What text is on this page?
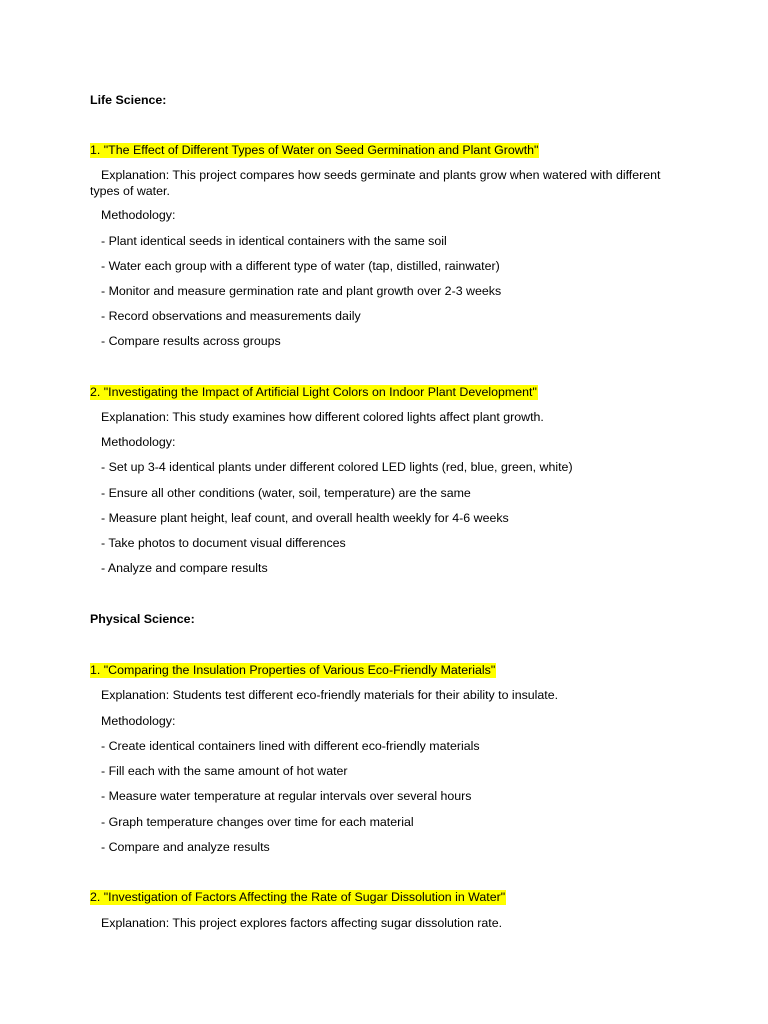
Life Science:
1. "The Effect of Different Types of Water on Seed Germination and Plant Growth"
Explanation: This project compares how seeds germinate and plants grow when watered with different types of water.
Methodology:
- Plant identical seeds in identical containers with the same soil
- Water each group with a different type of water (tap, distilled, rainwater)
- Monitor and measure germination rate and plant growth over 2-3 weeks
- Record observations and measurements daily
- Compare results across groups
2. "Investigating the Impact of Artificial Light Colors on Indoor Plant Development"
Explanation: This study examines how different colored lights affect plant growth.
Methodology:
- Set up 3-4 identical plants under different colored LED lights (red, blue, green, white)
- Ensure all other conditions (water, soil, temperature) are the same
- Measure plant height, leaf count, and overall health weekly for 4-6 weeks
- Take photos to document visual differences
- Analyze and compare results
Physical Science:
1. "Comparing the Insulation Properties of Various Eco-Friendly Materials"
Explanation: Students test different eco-friendly materials for their ability to insulate.
Methodology:
- Create identical containers lined with different eco-friendly materials
- Fill each with the same amount of hot water
- Measure water temperature at regular intervals over several hours
- Graph temperature changes over time for each material
- Compare and analyze results
2. "Investigation of Factors Affecting the Rate of Sugar Dissolution in Water"
Explanation: This project explores factors affecting sugar dissolution rate.
